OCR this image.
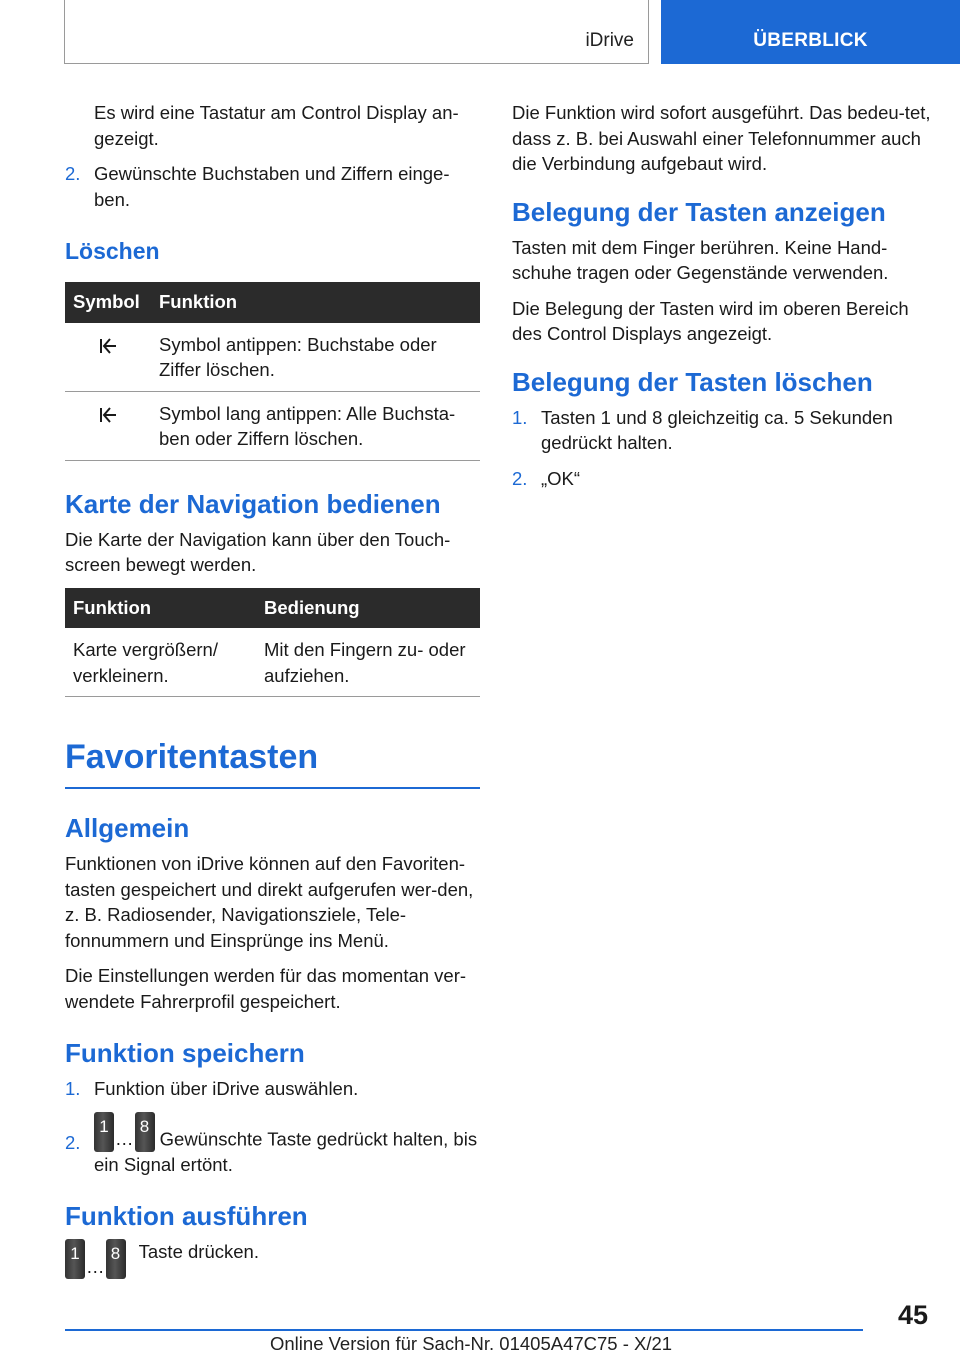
iDrive	ÜBERBLICK

Es wird eine Tastatur am Control Display an-gezeigt.

2. Gewünschte Buchstaben und Ziffern einge-ben.
Löschen
Symbol	Funktion
	Symbol antippen: Buchstabe oder Ziffer löschen.
	Symbol lang antippen: Alle Buchsta-ben oder Ziffern löschen.
Karte der Navigation bedienen

Die Karte der Navigation kann über den Touch-screen bewegt werden.

Funktion	Bedienung
Karte vergrößern/ verkleinern.	Mit den Fingern zu- oder aufziehen.
Favoritentasten
Allgemein

Funktionen von iDrive können auf den Favoriten-tasten gespeichert und direkt aufgerufen wer-den, z. B. Radiosender, Navigationsziele, Tele-fonnummern und Einsprünge ins Menü.

Die Einstellungen werden für das momentan ver-wendete Fahrerprofil gespeichert.

Funktion speichern
1. Funktion über iDrive auswählen.
2.
1…8 Gewünschte Taste gedrückt halten, bis ein Signal ertönt.
Funktion ausführen
1…8 Taste drücken.

Die Funktion wird sofort ausgeführt. Das bedeu-tet, dass z. B. bei Auswahl einer Telefonnummer auch die Verbindung aufgebaut wird.

Belegung der Tasten anzeigen

Tasten mit dem Finger berühren. Keine Hand-schuhe tragen oder Gegenstände verwenden.

Die Belegung der Tasten wird im oberen Bereich des Control Displays angezeigt.

Belegung der Tasten löschen
1. Tasten 1 und 8 gleichzeitig ca. 5 Sekunden gedrückt halten.
2. „OK“
45
Online Version für Sach-Nr. 01405A47C75 - X/21
